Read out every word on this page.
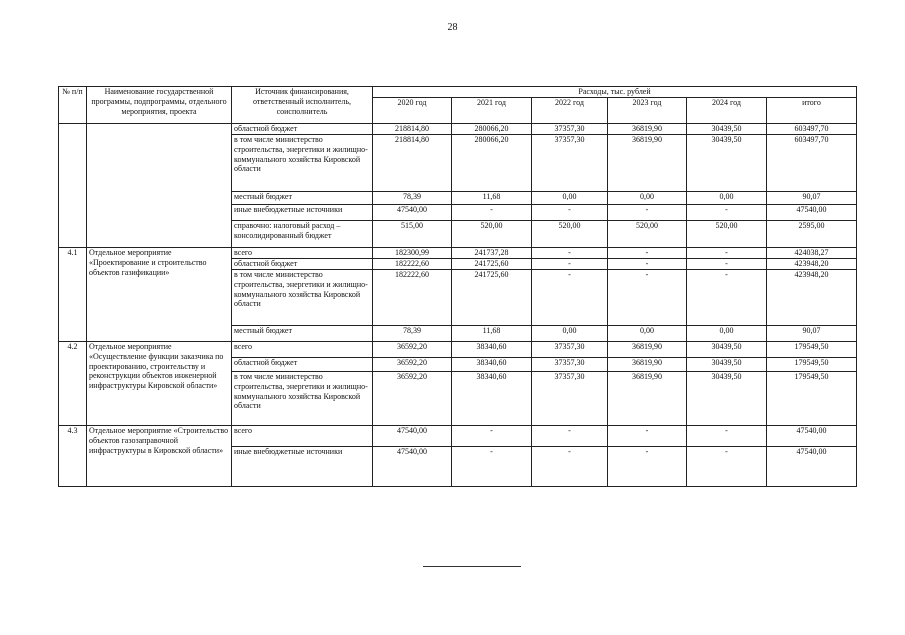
28
№ п/п	Наименование государственной программы, подпрограммы, отдельного мероприятия, проекта	Источник финансирования, ответственный исполнитель, соисполнитель	Расходы, тыс. рублей					
			2020 год	2021 год	2022 год	2023 год	2024 год	итого
		областной бюджет	218814,80	280066,20	37357,30	36819,90	30439,50	603497,70
		в том числе министерство строительства, энергетики и жилищно-коммунального хозяйства Кировской области	218814,80	280066,20	37357,30	36819,90	30439,50	603497,70
		местный бюджет	78,39	11,68	0,00	0,00	0,00	90,07
		иные внебюджетные источники	47540,00	-	-	-	-	47540,00
		справочно: налоговый расход – консолидированный бюджет	515,00	520,00	520,00	520,00	520,00	2595,00
4.1	Отдельное мероприятие «Проектирование и строительство объектов газификации»	всего	182300,99	241737,28	-	-	-	424038,27
		областной бюджет	182222,60	241725,60	-	-	-	423948,20
		в том числе министерство строительства, энергетики и жилищно-коммунального хозяйства Кировской области	182222,60	241725,60	-	-	-	423948,20
		местный бюджет	78,39	11,68	0,00	0,00	0,00	90,07
4.2	Отдельное мероприятие «Осуществление функции заказчика по проектированию, строительству и реконструкции объектов инженерной инфраструктуры Кировской области»	всего	36592,20	38340,60	37357,30	36819,90	30439,50	179549,50
		областной бюджет	36592,20	38340,60	37357,30	36819,90	30439,50	179549,50
		в том числе министерство строительства, энергетики и жилищно-коммунального хозяйства Кировской области	36592,20	38340,60	37357,30	36819,90	30439,50	179549,50
4.3	Отдельное мероприятие «Строительство объектов газозаправочной инфраструктуры в Кировской области»	всего	47540,00	-	-	-	-	47540,00
		иные внебюджетные источники	47540,00	-	-	-	-	47540,00
